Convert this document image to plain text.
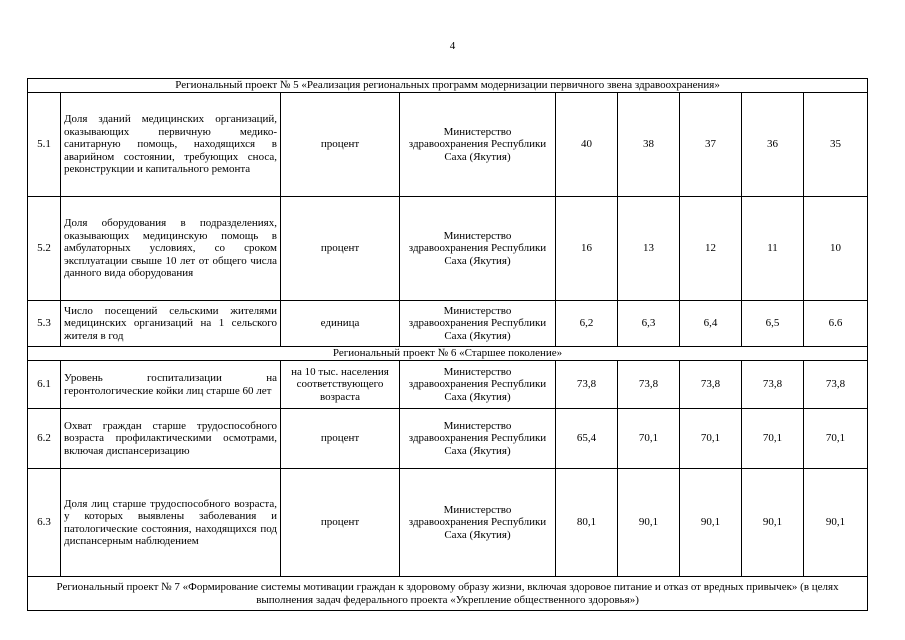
4
Региональный проект № 5 «Реализация региональных программ модернизации первичного звена здравоохранения»								
5.1	Доля зданий медицинских организаций, оказывающих первичную медико-санитарную помощь, находящихся в аварийном состоянии, требующих сноса, реконструкции и капитального ремонта	процент	Министерство здравоохранения Республики Саха (Якутия)	40	38	37	36	35
5.2	Доля оборудования в подразделениях, оказывающих медицинскую помощь в амбулаторных условиях, со сроком эксплуатации свыше 10 лет от общего числа данного вида оборудования	процент	Министерство здравоохранения Республики Саха (Якутия)	16	13	12	11	10
5.3	Число посещений сельскими жителями медицинских организаций на 1 сельского жителя в год	единица	Министерство здравоохранения Республики Саха (Якутия)	6,2	6,3	6,4	6,5	6.6
Региональный проект № 6 «Старшее поколение»								
6.1	Уровень госпитализации на геронтологические койки лиц старше 60 лет	на 10 тыс. населения соответствующего возраста	Министерство здравоохранения Республики Саха (Якутия)	73,8	73,8	73,8	73,8	73,8
6.2	Охват граждан старше трудоспособного возраста профилактическими осмотрами, включая диспансеризацию	процент	Министерство здравоохранения Республики Саха (Якутия)	65,4	70,1	70,1	70,1	70,1
6.3	Доля лиц старше трудоспособного возраста, у которых выявлены заболевания и патологические состояния, находящихся под диспансерным наблюдением	процент	Министерство здравоохранения Республики Саха (Якутия)	80,1	90,1	90,1	90,1	90,1
Региональный проект № 7 «Формирование системы мотивации граждан к здоровому образу жизни, включая здоровое питание и отказ от вредных привычек» (в целях выполнения задач федерального проекта «Укрепление общественного здоровья»)								
